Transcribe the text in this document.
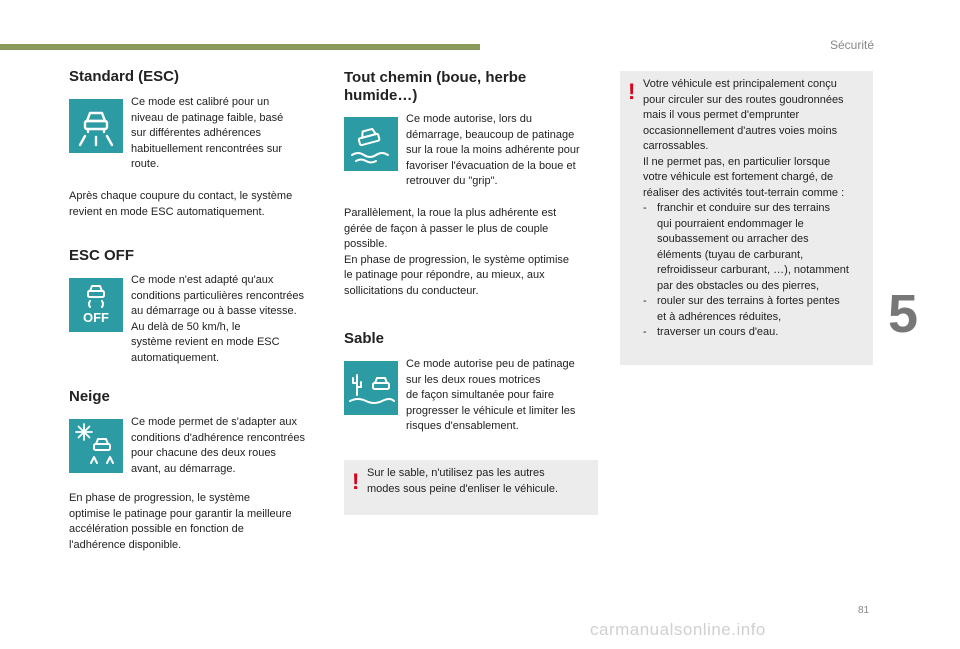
Sécurité
5
81
carmanualsonline.info
Standard (ESC)
Ce mode est calibré pour un
niveau de patinage faible, basé
sur différentes adhérences
habituellement rencontrées sur
route.
Après chaque coupure du contact, le système
revient en mode ESC automatiquement.
ESC OFF
OFF
Ce mode n'est adapté qu'aux
conditions particulières rencontrées
au démarrage ou à basse vitesse.
Au delà de 50 km/h, le
système revient en mode ESC
automatiquement.
Neige
Ce mode permet de s'adapter aux
conditions d'adhérence rencontrées
pour chacune des deux roues
avant, au démarrage.
En phase de progression, le système
optimise le patinage pour garantir la meilleure
accélération possible en fonction de
l'adhérence disponible.
Tout chemin (boue, herbe
humide…)
Ce mode autorise, lors du
démarrage, beaucoup de patinage
sur la roue la moins adhérente pour
favoriser l'évacuation de la boue et
retrouver du "grip".
Parallèlement, la roue la plus adhérente est
gérée de façon à passer le plus de couple
possible.
En phase de progression, le système optimise
le patinage pour répondre, au mieux, aux
sollicitations du conducteur.
Sable
Ce mode autorise peu de patinage
sur les deux roues motrices
de façon simultanée pour faire
progresser le véhicule et limiter les
risques d'ensablement.
! Sur le sable, n'utilisez pas les autres
modes sous peine d'enliser le véhicule.
! Votre véhicule est principalement conçu
pour circuler sur des routes goudronnées
mais il vous permet d'emprunter
occasionnellement d'autres voies moins
carrossables.
Il ne permet pas, en particulier lorsque
votre véhicule est fortement chargé, de
réaliser des activités tout-terrain comme :
- franchir et conduire sur des terrains
qui pourraient endommager le
soubassement ou arracher des
éléments (tuyau de carburant,
refroidisseur carburant, …), notamment
par des obstacles ou des pierres,
- rouler sur des terrains à fortes pentes
et à adhérences réduites,
- traverser un cours d'eau.
